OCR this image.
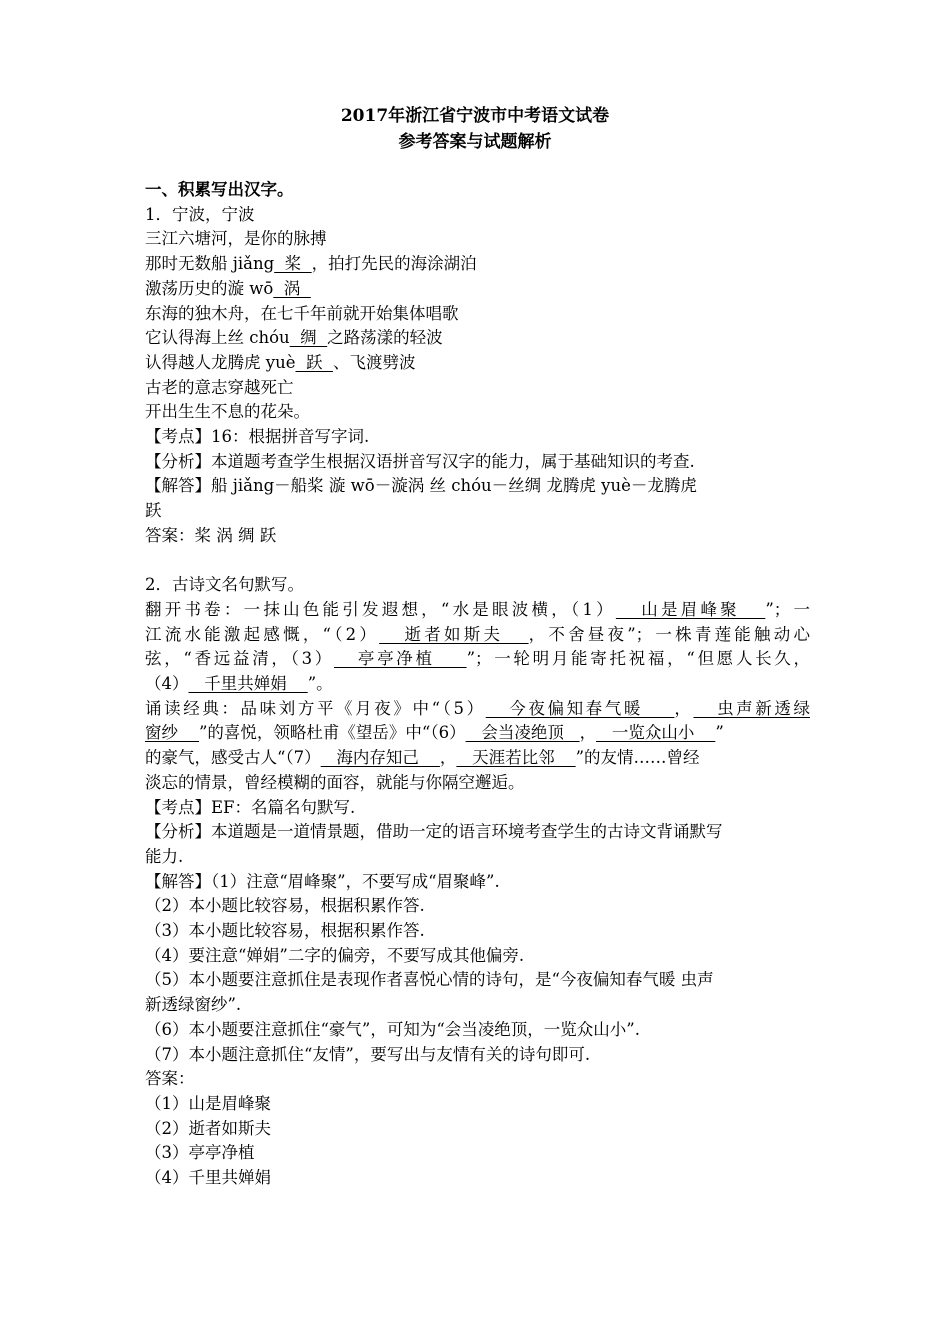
2017年浙江省宁波市中考语文试卷
参考答案与试题解析
一、积累写出汉字。
1．宁波，宁波
三江六塘河，是你的脉搏
那时无数船 jiǎng  桨  ，拍打先民的海涂湖泊
激荡历史的漩 wō  涡
东海的独木舟，在七千年前就开始集体唱歌
它认得海上丝 chóu  绸  之路荡漾的轻波
认得越人龙腾虎 yuè  跃  、飞渡劈波
古老的意志穿越死亡
开出生生不息的花朵。
【考点】16：根据拼音写字词.
【分析】本道题考查学生根据汉语拼音写汉字的能力，属于基础知识的考查.
【解答】船 jiǎng－船桨 漩 wō－漩涡 丝 chóu－丝绸 龙腾虎 yuè－龙腾虎
跃
答案：桨 涡 绸 跃
2．古诗文名句默写。
翻开书卷：一抹山色能引发遐想，“水是眼波横，（1）   山是眉峰聚   ”；一
江流水能激起感慨，“（2）   逝者如斯夫   ，不舍昼夜”；一株青莲能触动心
弦，“香远益清，（3）   亭亭净植    ”；一轮明月能寄托祝福，“但愿人长久，
（4）   千里共婵娟    ”。
诵读经典：品味刘方平《月夜》中“（5）   今夜偏知春气暖    ，   虫声新透绿
窗纱    ”的喜悦，领略杜甫《望岳》中“（6）   会当凌绝顶   ，   一览众山小    ”
的豪气，感受古人“（7）   海内存知己    ，   天涯若比邻    ”的友情……曾经
淡忘的情景，曾经模糊的面容，就能与你隔空邂逅。
【考点】EF：名篇名句默写.
【分析】本道题是一道情景题，借助一定的语言环境考查学生的古诗文背诵默写
能力.
【解答】（1）注意“眉峰聚”，不要写成“眉聚峰”.
（2）本小题比较容易，根据积累作答.
（3）本小题比较容易，根据积累作答.
（4）要注意“婵娟”二字的偏旁，不要写成其他偏旁.
（5）本小题要注意抓住是表现作者喜悦心情的诗句，是“今夜偏知春气暖 虫声
新透绿窗纱”.
（6）本小题要注意抓住“豪气”，可知为“会当凌绝顶，一览众山小”.
（7）本小题注意抓住“友情”，要写出与友情有关的诗句即可.
答案：
（1）山是眉峰聚
（2）逝者如斯夫
（3）亭亭净植
（4）千里共婵娟
